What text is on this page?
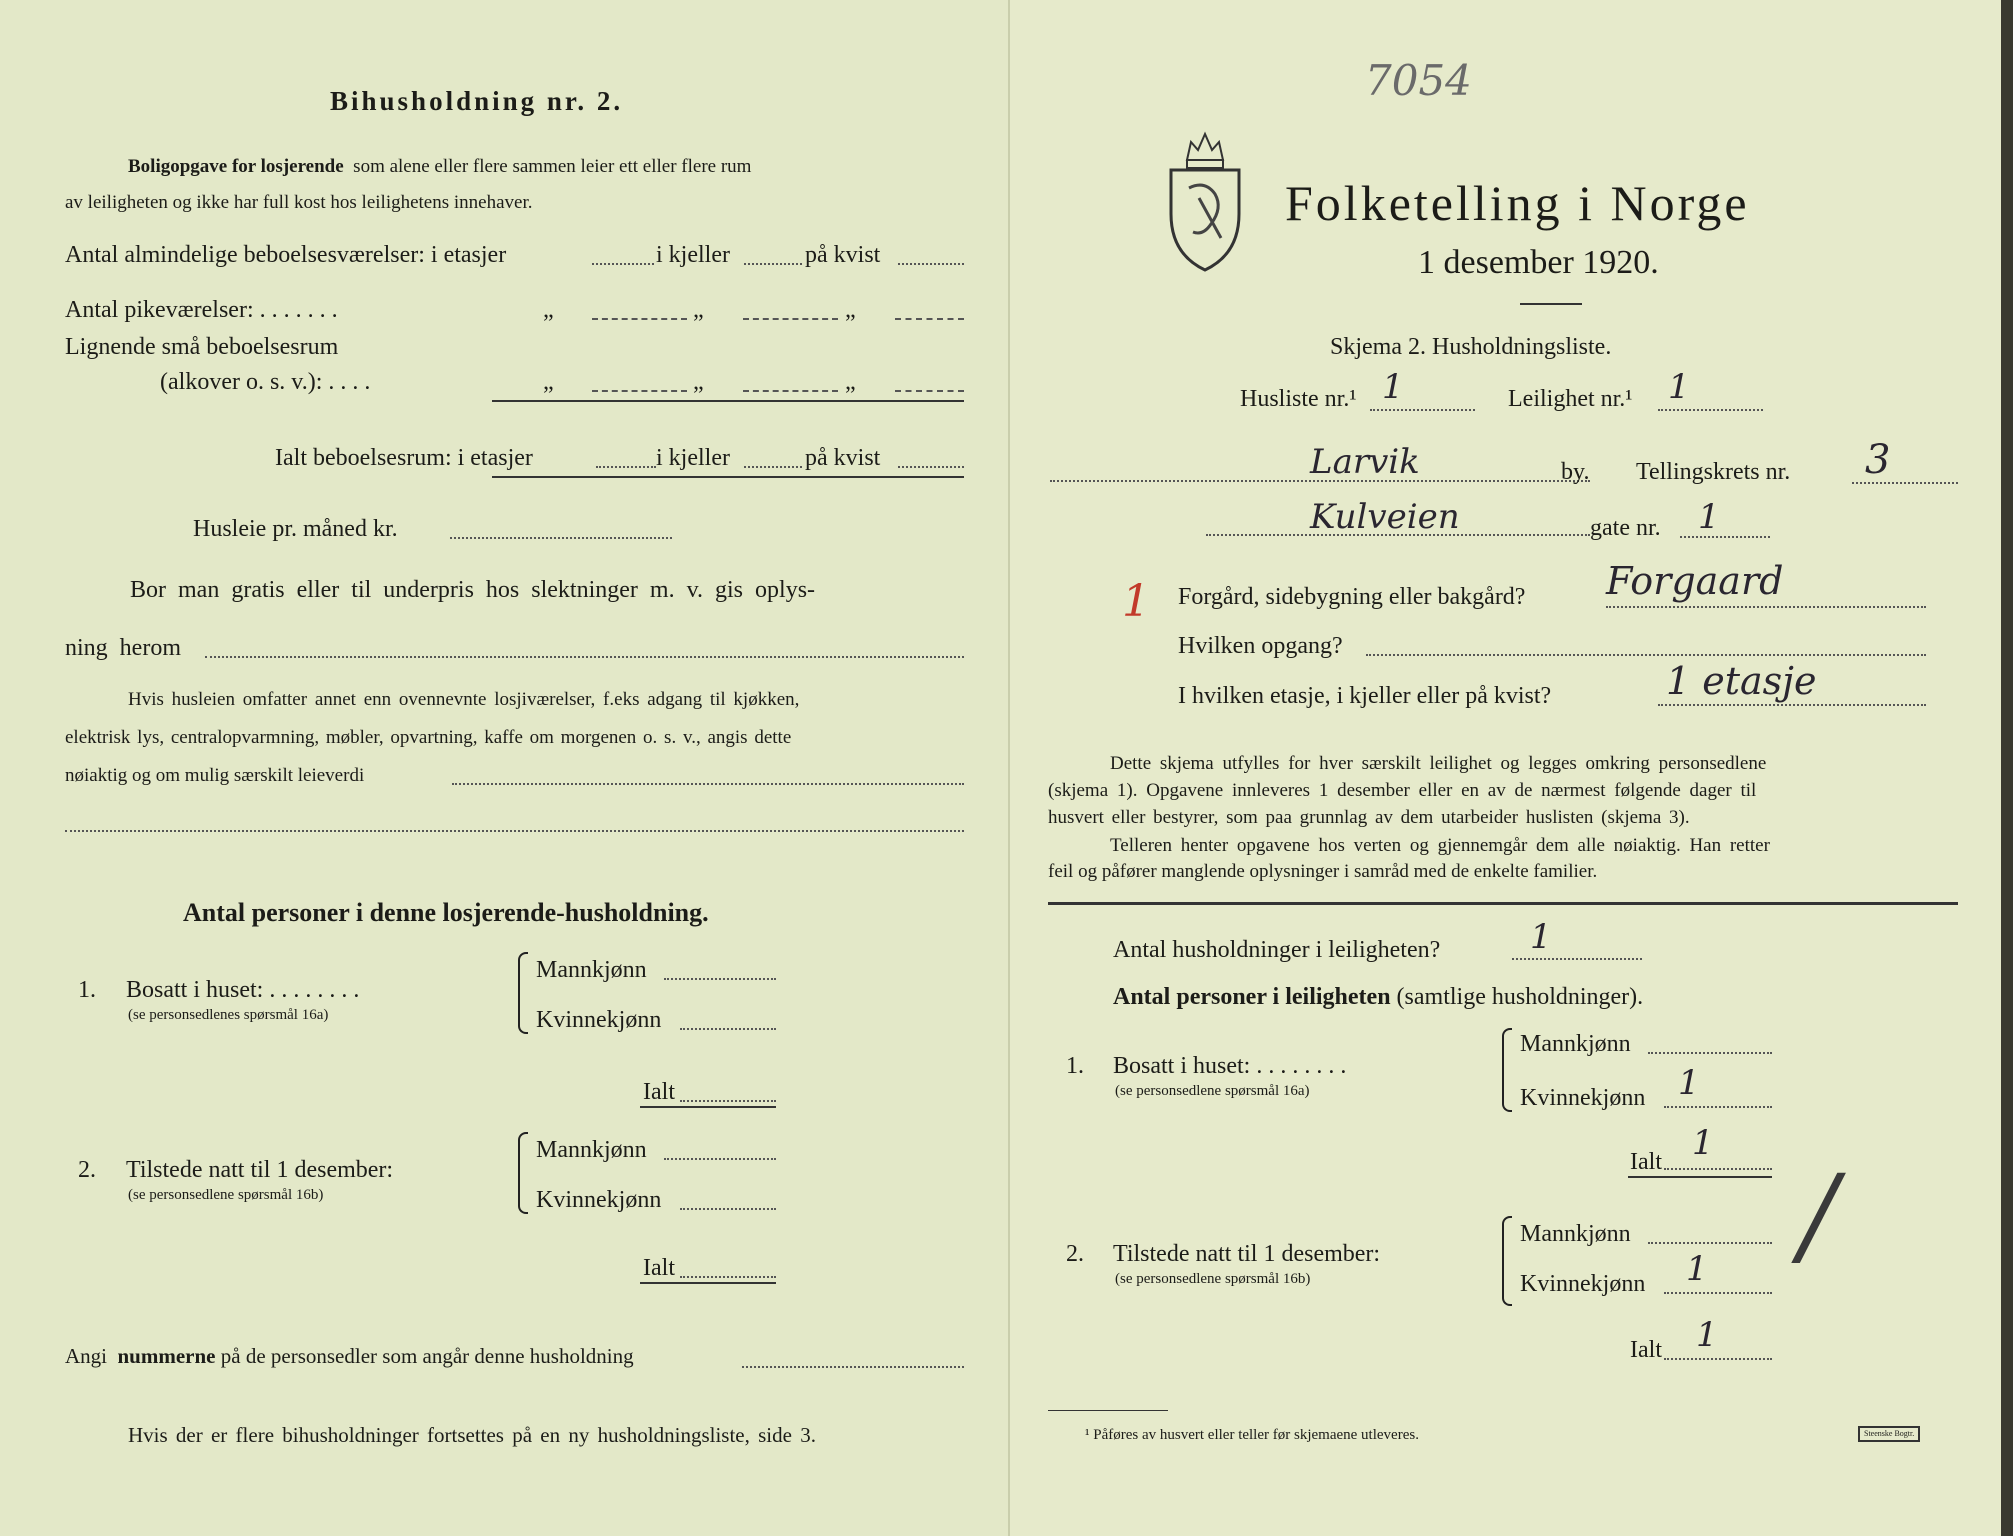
Bihusholdning nr. 2.
Boligopgave for losjerende som alene eller flere sammen leier ett eller flere rum
av leiligheten og ikke har full kost hos leilighetens innehaver.
Antal almindelige beboelsesværelser: i etasjer	i kjeller	på kvist
Antal pikeværelser: . . . . . . .	„	„	„
Lignende små beboelsesrum
(alkover o. s. v.): . . . .	„	„	„
Ialt beboelsesrum: i etasjer	i kjeller	på kvist
Husleie pr. måned kr.
Bor man gratis eller til underpris hos slektninger m. v. gis oplys-
ning herom
Hvis husleien omfatter annet enn ovennevnte losjiværelser, f.eks adgang til kjøkken,
elektrisk lys, centralopvarmning, møbler, opvartning, kaffe om morgenen o. s. v., angis dette
nøiaktig og om mulig særskilt leieverdi
Antal personer i denne losjerende-husholdning.
1. Bosatt i huset: . . . . . . . .
(se personsedlenes spørsmål 16a)
Mannkjønn
Kvinnekjønn
Ialt
2. Tilstede natt til 1 desember:
(se personsedlene spørsmål 16b)
Mannkjønn
Kvinnekjønn
Ialt
Angi nummerne på de personsedler som angår denne husholdning
Hvis der er flere bihusholdninger fortsettes på en ny husholdningsliste, side 3.
7054
Folketelling i Norge
1 desember 1920.
Skjema 2. Husholdningsliste.
Husliste nr.¹ 1	Leilighet nr.¹ 1
Larvik	by. Tellingskrets nr. 3
Kulveien	gate nr. 1
1 Forgård, sidebygning eller bakgård? Forgaard
Hvilken opgang?
I hvilken etasje, i kjeller eller på kvist?	1 etasje
Dette skjema utfylles for hver særskilt leilighet og legges omkring personsedlene
(skjema 1). Opgavene innleveres 1 desember eller en av de nærmest følgende dager til
husvert eller bestyrer, som paa grunnlag av dem utarbeider huslisten (skjema 3).
Telleren henter opgavene hos verten og gjennemgår dem alle nøiaktig. Han retter
feil og påfører manglende oplysninger i samråd med de enkelte familier.
Antal husholdninger i leiligheten?	1
Antal personer i leiligheten (samtlige husholdninger).
1. Bosatt i huset: . . . . . . . .
(se personsedlene spørsmål 16a)
Mannkjønn
Kvinnekjønn 1
Ialt 1
/
2. Tilstede natt til 1 desember:
(se personsedlene spørsmål 16b)
Mannkjønn
Kvinnekjønn 1
Ialt 1
¹ Påføres av husvert eller teller før skjemaene utleveres.	Steenske Bogtr.
